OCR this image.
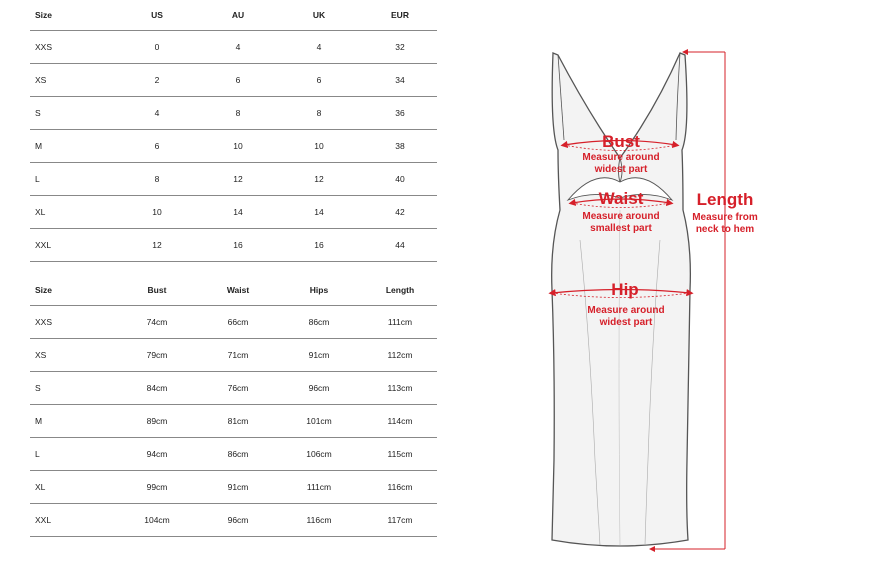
Size	US	AU	UK	EUR
XXS	0	4	4	32
XS	2	6	6	34
S	4	8	8	36
M	6	10	10	38
L	8	12	12	40
XL	10	14	14	42
XXL	12	16	16	44
Size	Bust	Waist	Hips	Length
XXS	74cm	66cm	86cm	111cm
XS	79cm	71cm	91cm	112cm
S	84cm	76cm	96cm	113cm
M	89cm	81cm	101cm	114cm
L	94cm	86cm	106cm	115cm
XL	99cm	91cm	111cm	116cm
XXL	104cm	96cm	116cm	117cm
Bust
Measure around widest part
Waist
Measure around smallest part
Hip
Measure around widest part
Length
Measure from neck to hem
